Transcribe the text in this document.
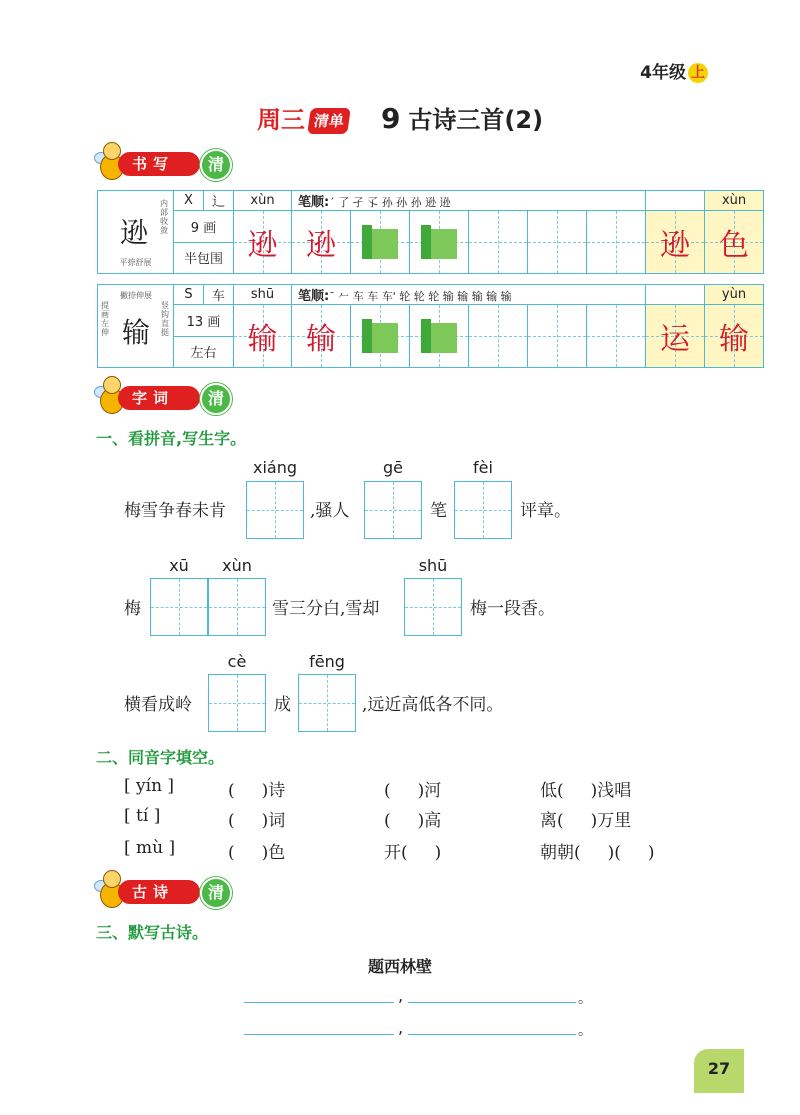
4年级 上
周三 清单 9 古诗三首(2)
书写	清
内部收敛
逊
平捺舒展	X	辶	xùn	笔顺:ˊ 了 孑 孓 孙 孙 孙 逊 逊							xùn	
	9 画		逊	逊						逊	色	

	半包围											
撇捺伸展
提画左伸
竖钩直挺
输	S	车	shū	笔顺:ˉ 𠂉 车 车 车' 轮 轮 轮 输 输 输 输 输							yùn	
	13 画		输	输						运	输	

	左右											
字词	清
一、看拼音,写生字。
xiáng	gē	fèi
梅雪争春未肯	,骚人	笔	评章。
xū	xùn	shū
梅	雪三分白,雪却	梅一段香。
cè	fēng
横看成岭	成	,远近高低各不同。
二、同音字填空。
[ yín ]	(     )诗	(     )河	低(     )浅唱
[ tí ]	(     )词	(     )高	离(     )万里
[ mù ]	(     )色	开(     )	朝朝(     )(     )
古诗	清
三、默写古诗。
题西林壁
,	。
,	。
27
